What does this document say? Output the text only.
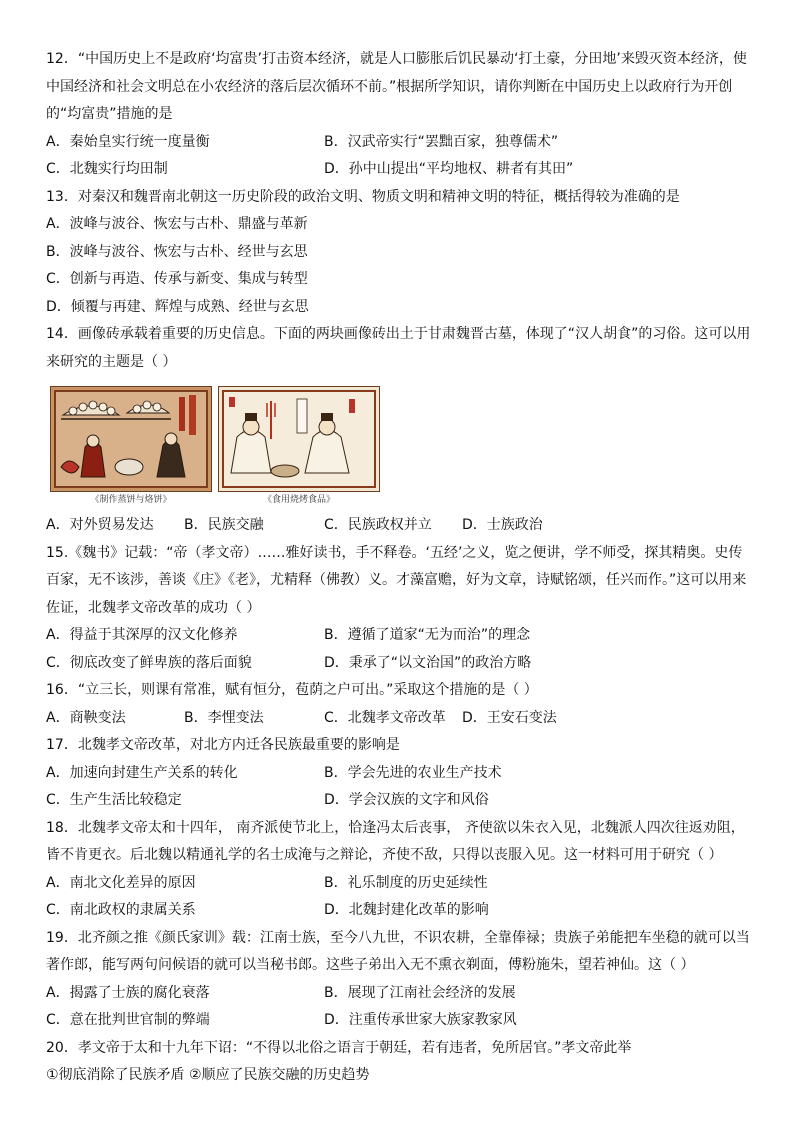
12．“中国历史上不是政府‘均富贵’打击资本经济，就是人口膨胀后饥民暴动‘打土豪，分田地’来毁灭资本经济，使中国经济和社会文明总在小农经济的落后层次循环不前。”根据所学知识，请你判断在中国历史上以政府行为开创的“均富贵”措施的是

A．秦始皇实行统一度量衡	B．汉武帝实行“罢黜百家，独尊儒术”
C．北魏实行均田制	D．孙中山提出“平均地权、耕者有其田”

13．对秦汉和魏晋南北朝这一历史阶段的政治文明、物质文明和精神文明的特征，概括得较为准确的是

A．波峰与波谷、恢宏与古朴、鼎盛与革新
B．波峰与波谷、恢宏与古朴、经世与玄思
C．创新与再造、传承与新变、集成与转型
D．倾覆与再建、辉煌与成熟、经世与玄思

14．画像砖承载着重要的历史信息。下面的两块画像砖出土于甘肃魏晋古墓，体现了“汉人胡食”的习俗。这可以用来研究的主题是（ ）

《制作蒸饼与烙饼》	《食用烧烤食品》
A．对外贸易发达	B．民族交融	C．民族政权并立	D．士族政治

15.《魏书》记载：“帝（孝文帝）……雅好读书，手不释卷。‘五经’之义，览之便讲，学不师受，探其精奥。史传百家，无不该涉，善谈《庄》《老》，尤精释（佛教）义。才藻富赡，好为文章，诗赋铭颂，任兴而作。”这可以用来佐证，北魏孝文帝改革的成功（ ）

A．得益于其深厚的汉文化修养	B．遵循了道家“无为而治”的理念
C．彻底改变了鲜卑族的落后面貌	D．秉承了“以文治国”的政治方略

16．“立三长，则课有常准，赋有恒分，苞荫之户可出。”采取这个措施的是（ ）

A．商鞅变法	B．李悝变法	C．北魏孝文帝改革	D．王安石变法

17．北魏孝文帝改革，对北方内迁各民族最重要的影响是

A．加速向封建生产关系的转化	B．学会先进的农业生产技术
C．生产生活比较稳定	D．学会汉族的文字和风俗

18．北魏孝文帝太和十四年， 南齐派使节北上，恰逢冯太后丧事， 齐使欲以朱衣入见，北魏派人四次往返劝阻，皆不肯更衣。后北魏以精通礼学的名士成淹与之辩论，齐使不敌，只得以丧服入见。这一材料可用于研究（ ）

A．南北文化差异的原因	B．礼乐制度的历史延续性
C．南北政权的隶属关系	D．北魏封建化改革的影响

19．北齐颜之推《颜氏家训》载：江南士族，至今八九世，不识农耕，全靠俸禄；贵族子弟能把车坐稳的就可以当著作郎，能写两句问候语的就可以当秘书郎。这些子弟出入无不熏衣剃面，傅粉施朱，望若神仙。这（ ）

A．揭露了士族的腐化衰落	B．展现了江南社会经济的发展
C．意在批判世官制的弊端	D．注重传承世家大族家教家风

20．孝文帝于太和十九年下诏：“不得以北俗之语言于朝廷，若有违者，免所居官。”孝文帝此举

①彻底消除了民族矛盾 ②顺应了民族交融的历史趋势
